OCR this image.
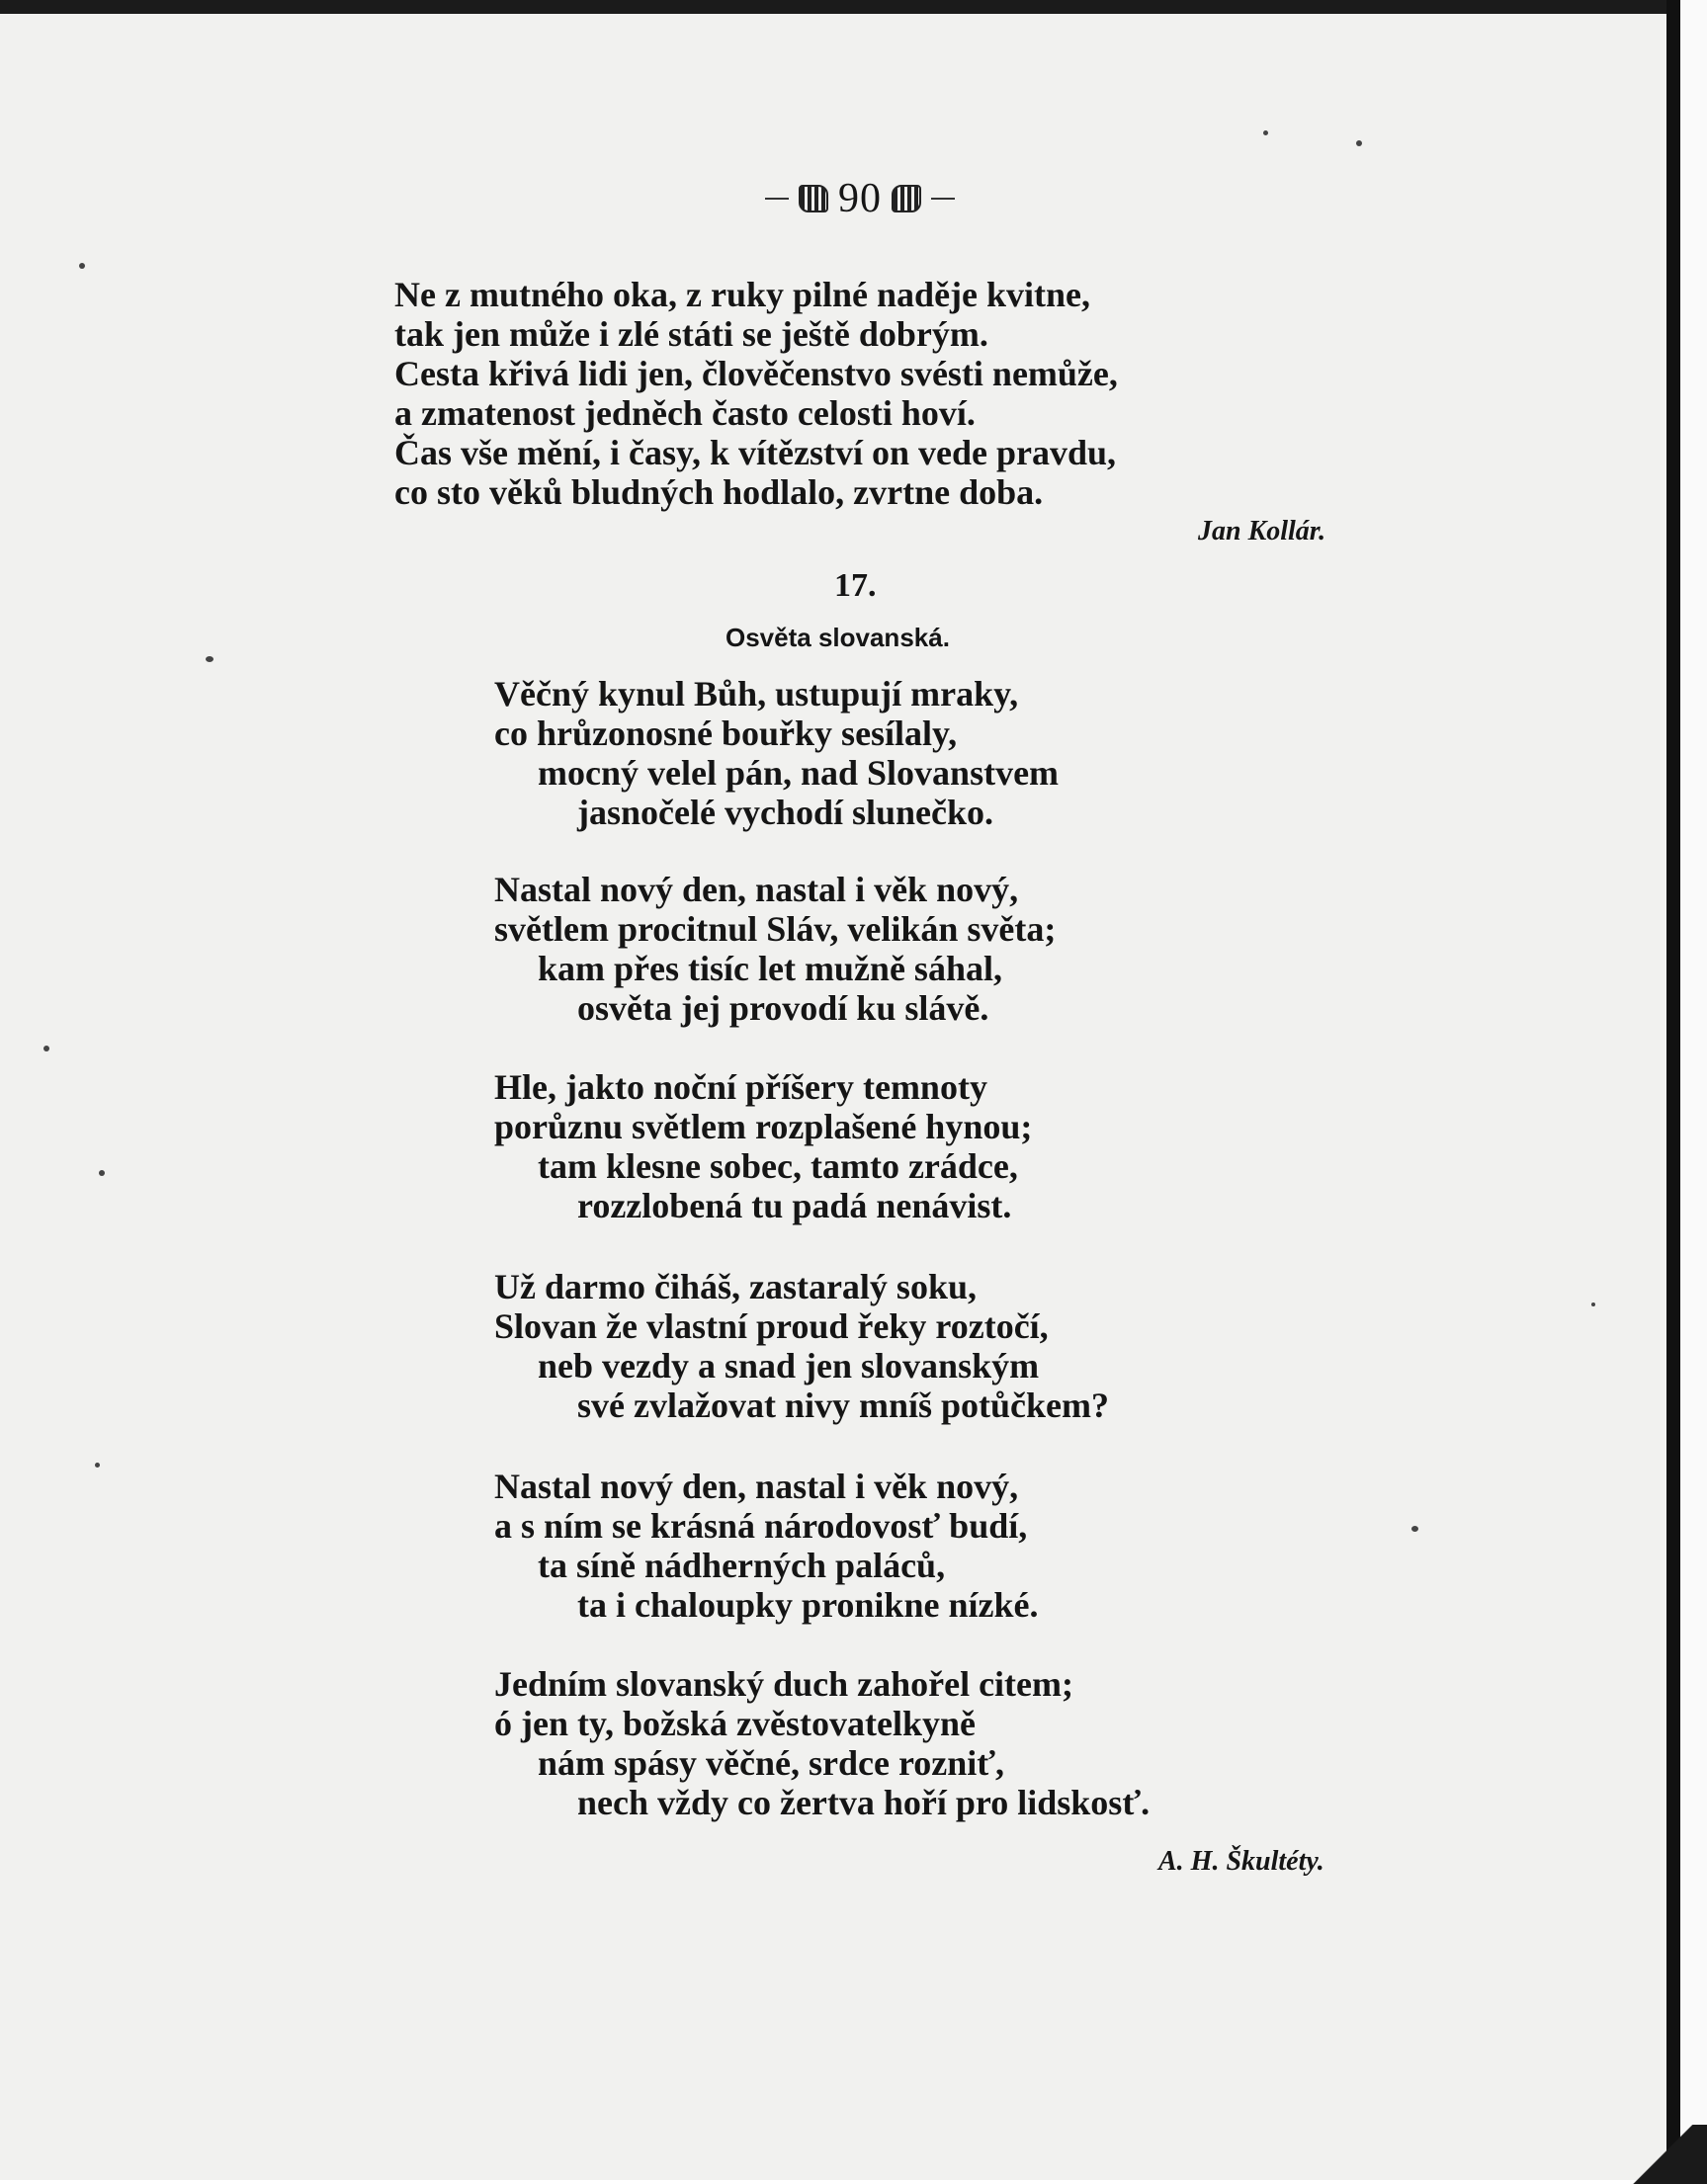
90
Ne z mutného oka, z ruky pilné naděje kvitne,
tak jen může i zlé státi se ještě dobrým.
Cesta křivá lidi jen, člověčenstvo svésti nemůže,
a zmatenost jedněch často celosti hoví.
Čas vše mění, i časy, k vítězství on vede pravdu,
co sto věků bludných hodlalo, zvrtne doba.
Jan Kollár.
17.
Osvěta slovanská.
Věčný kynul Bůh, ustupují mraky,
co hrůzonosné bouřky sesílaly,
mocný velel pán, nad Slovanstvem
jasnočelé vychodí slunečko.
Nastal nový den, nastal i věk nový,
světlem procitnul Sláv, velikán světa;
kam přes tisíc let mužně sáhal,
osvěta jej provodí ku slávě.
Hle, jakto noční příšery temnoty
porůznu světlem rozplašené hynou;
tam klesne sobec, tamto zrádce,
rozzlobená tu padá nenávist.
Už darmo čiháš, zastaralý soku,
Slovan že vlastní proud řeky roztočí,
neb vezdy a snad jen slovanským
své zvlažovat nivy mníš potůčkem?
Nastal nový den, nastal i věk nový,
a s ním se krásná národovosť budí,
ta síně nádherných paláců,
ta i chaloupky pronikne nízké.
Jedním slovanský duch zahořel citem;
ó jen ty, božská zvěstovatelkyně
nám spásy věčné, srdce rozniť,
nech vždy co žertva hoří pro lidskosť.
A. H. Škultéty.
